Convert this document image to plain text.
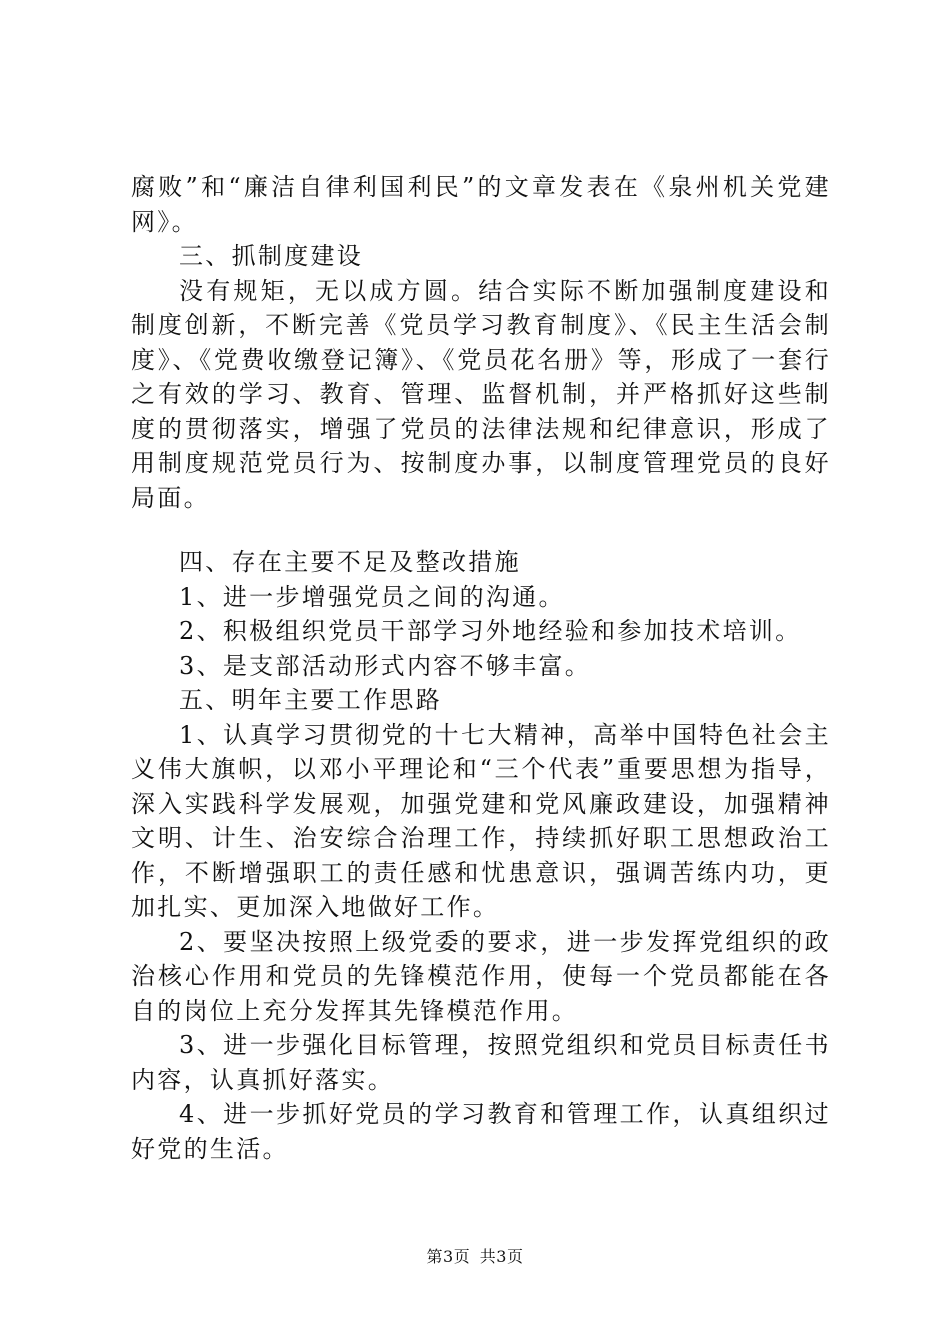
腐败”和“廉洁自律利国利民”的文章发表在《泉州机关党建网》。

三、抓制度建设

没有规矩，无以成方圆。结合实际不断加强制度建设和制度创新，不断完善《党员学习教育制度》、《民主生活会制度》、《党费收缴登记簿》、《党员花名册》等，形成了一套行之有效的学习、教育、管理、监督机制，并严格抓好这些制度的贯彻落实，增强了党员的法律法规和纪律意识，形成了用制度规范党员行为、按制度办事，以制度管理党员的良好局面。

四、存在主要不足及整改措施

1、进一步增强党员之间的沟通。

2、积极组织党员干部学习外地经验和参加技术培训。

3、是支部活动形式内容不够丰富。

五、明年主要工作思路

1、认真学习贯彻党的十七大精神，高举中国特色社会主义伟大旗帜，以邓小平理论和“三个代表”重要思想为指导，深入实践科学发展观，加强党建和党风廉政建设，加强精神文明、计生、治安综合治理工作，持续抓好职工思想政治工作，不断增强职工的责任感和忧患意识，强调苦练内功，更加扎实、更加深入地做好工作。

2、要坚决按照上级党委的要求，进一步发挥党组织的政治核心作用和党员的先锋模范作用，使每一个党员都能在各自的岗位上充分发挥其先锋模范作用。

3、进一步强化目标管理，按照党组织和党员目标责任书内容，认真抓好落实。

4、进一步抓好党员的学习教育和管理工作，认真组织过好党的生活。

第3页 共3页
